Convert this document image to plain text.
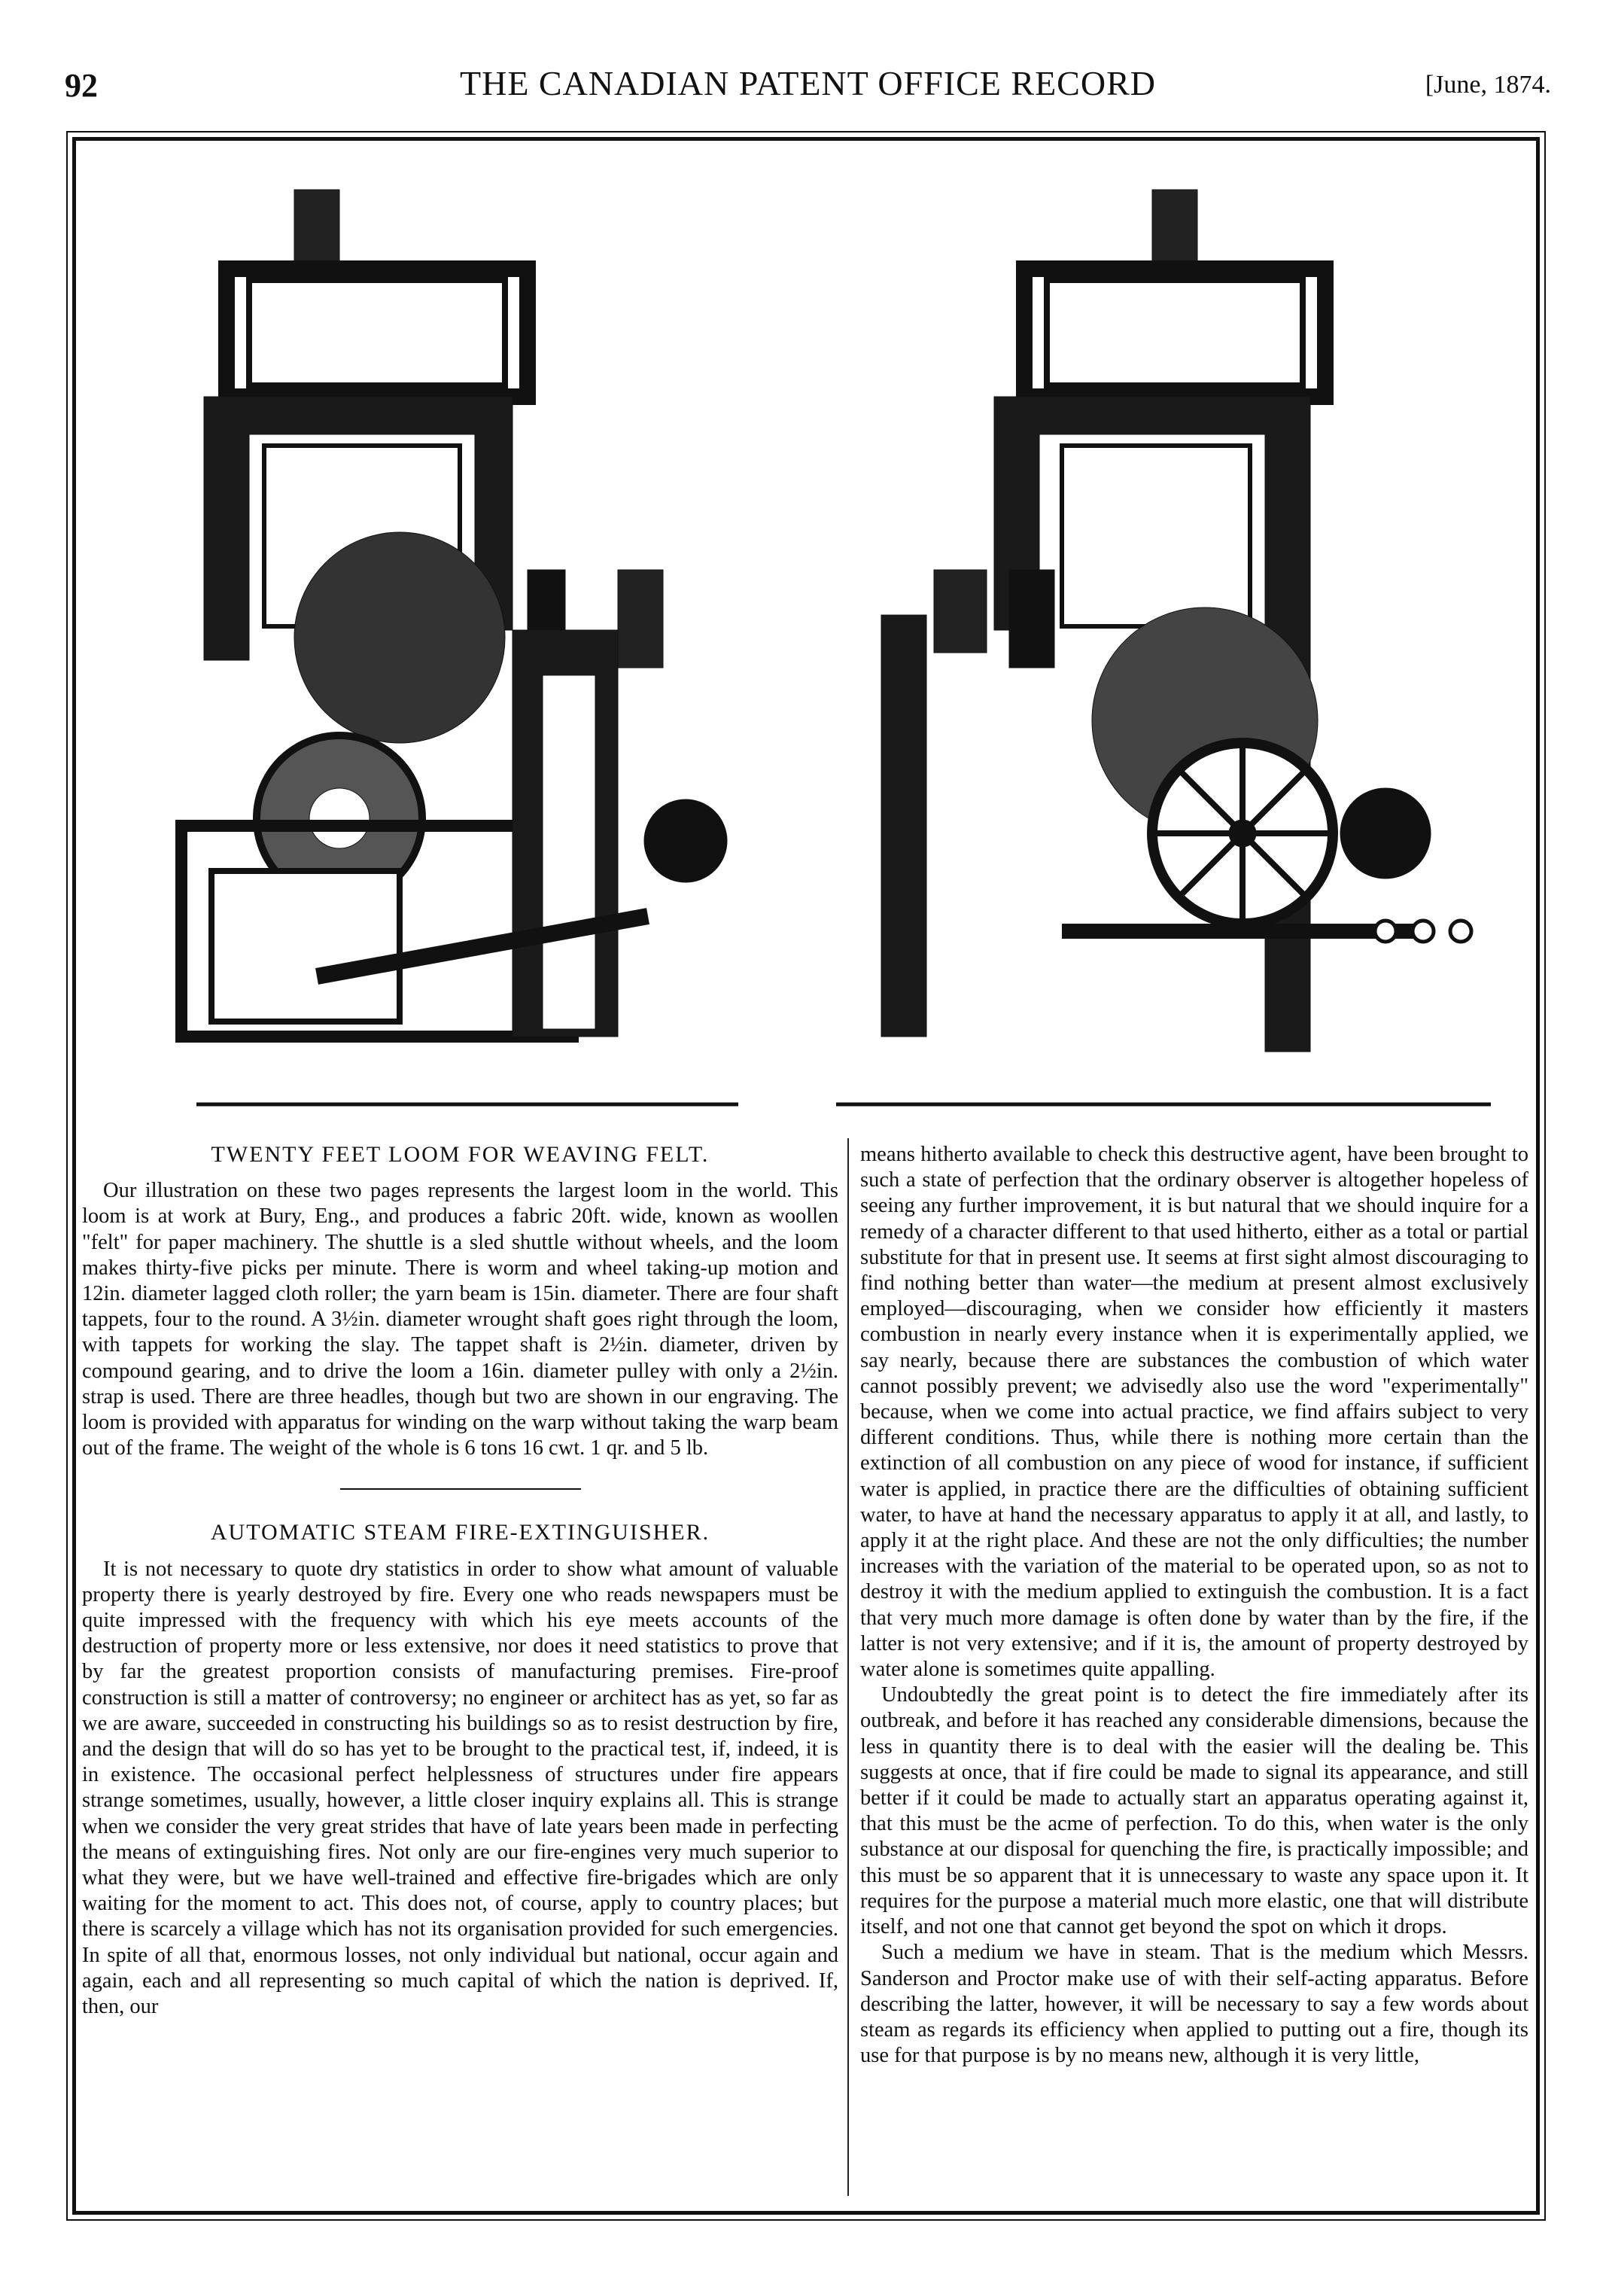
92	THE CANADIAN PATENT OFFICE RECORD	[June, 1874.
TWENTY FEET LOOM FOR WEAVING FELT.

Our illustration on these two pages represents the largest loom in the world. This loom is at work at Bury, Eng., and produces a fabric 20ft. wide, known as woollen "felt" for paper machinery. The shuttle is a sled shuttle without wheels, and the loom makes thirty-five picks per minute. There is worm and wheel taking-up motion and 12in. diameter lagged cloth roller; the yarn beam is 15in. diameter. There are four shaft tappets, four to the round. A 3½in. diameter wrought shaft goes right through the loom, with tappets for working the slay. The tappet shaft is 2½in. diameter, driven by compound gearing, and to drive the loom a 16in. diameter pulley with only a 2½in. strap is used. There are three headles, though but two are shown in our engraving. The loom is provided with apparatus for winding on the warp without taking the warp beam out of the frame. The weight of the whole is 6 tons 16 cwt. 1 qr. and 5 lb.

AUTOMATIC STEAM FIRE-EXTINGUISHER.

It is not necessary to quote dry statistics in order to show what amount of valuable property there is yearly destroyed by fire. Every one who reads newspapers must be quite impressed with the frequency with which his eye meets accounts of the destruction of property more or less extensive, nor does it need statistics to prove that by far the greatest proportion consists of manufacturing premises. Fire-proof construction is still a matter of controversy; no engineer or architect has as yet, so far as we are aware, succeeded in constructing his buildings so as to resist destruction by fire, and the design that will do so has yet to be brought to the practical test, if, indeed, it is in existence. The occasional perfect helplessness of structures under fire appears strange sometimes, usually, however, a little closer inquiry explains all. This is strange when we consider the very great strides that have of late years been made in perfecting the means of extinguishing fires. Not only are our fire-engines very much superior to what they were, but we have well-trained and effective fire-brigades which are only waiting for the moment to act. This does not, of course, apply to country places; but there is scarcely a village which has not its organisation provided for such emergencies. In spite of all that, enormous losses, not only individual but national, occur again and again, each and all representing so much capital of which the nation is deprived. If, then, our

means hitherto available to check this destructive agent, have been brought to such a state of perfection that the ordinary observer is altogether hopeless of seeing any further improvement, it is but natural that we should inquire for a remedy of a character different to that used hitherto, either as a total or partial substitute for that in present use. It seems at first sight almost discouraging to find nothing better than water—the medium at present almost exclusively employed—discouraging, when we consider how efficiently it masters combustion in nearly every instance when it is experimentally applied, we say nearly, because there are substances the combustion of which water cannot possibly prevent; we advisedly also use the word "experimentally" because, when we come into actual practice, we find affairs subject to very different conditions. Thus, while there is nothing more certain than the extinction of all combustion on any piece of wood for instance, if sufficient water is applied, in practice there are the difficulties of obtaining sufficient water, to have at hand the necessary apparatus to apply it at all, and lastly, to apply it at the right place. And these are not the only difficulties; the number increases with the variation of the material to be operated upon, so as not to destroy it with the medium applied to extinguish the combustion. It is a fact that very much more damage is often done by water than by the fire, if the latter is not very extensive; and if it is, the amount of property destroyed by water alone is sometimes quite appalling.

Undoubtedly the great point is to detect the fire immediately after its outbreak, and before it has reached any considerable dimensions, because the less in quantity there is to deal with the easier will the dealing be. This suggests at once, that if fire could be made to signal its appearance, and still better if it could be made to actually start an apparatus operating against it, that this must be the acme of perfection. To do this, when water is the only substance at our disposal for quenching the fire, is practically impossible; and this must be so apparent that it is unnecessary to waste any space upon it. It requires for the purpose a material much more elastic, one that will distribute itself, and not one that cannot get beyond the spot on which it drops.

Such a medium we have in steam. That is the medium which Messrs. Sanderson and Proctor make use of with their self-acting apparatus. Before describing the latter, however, it will be necessary to say a few words about steam as regards its efficiency when applied to putting out a fire, though its use for that purpose is by no means new, although it is very little,
